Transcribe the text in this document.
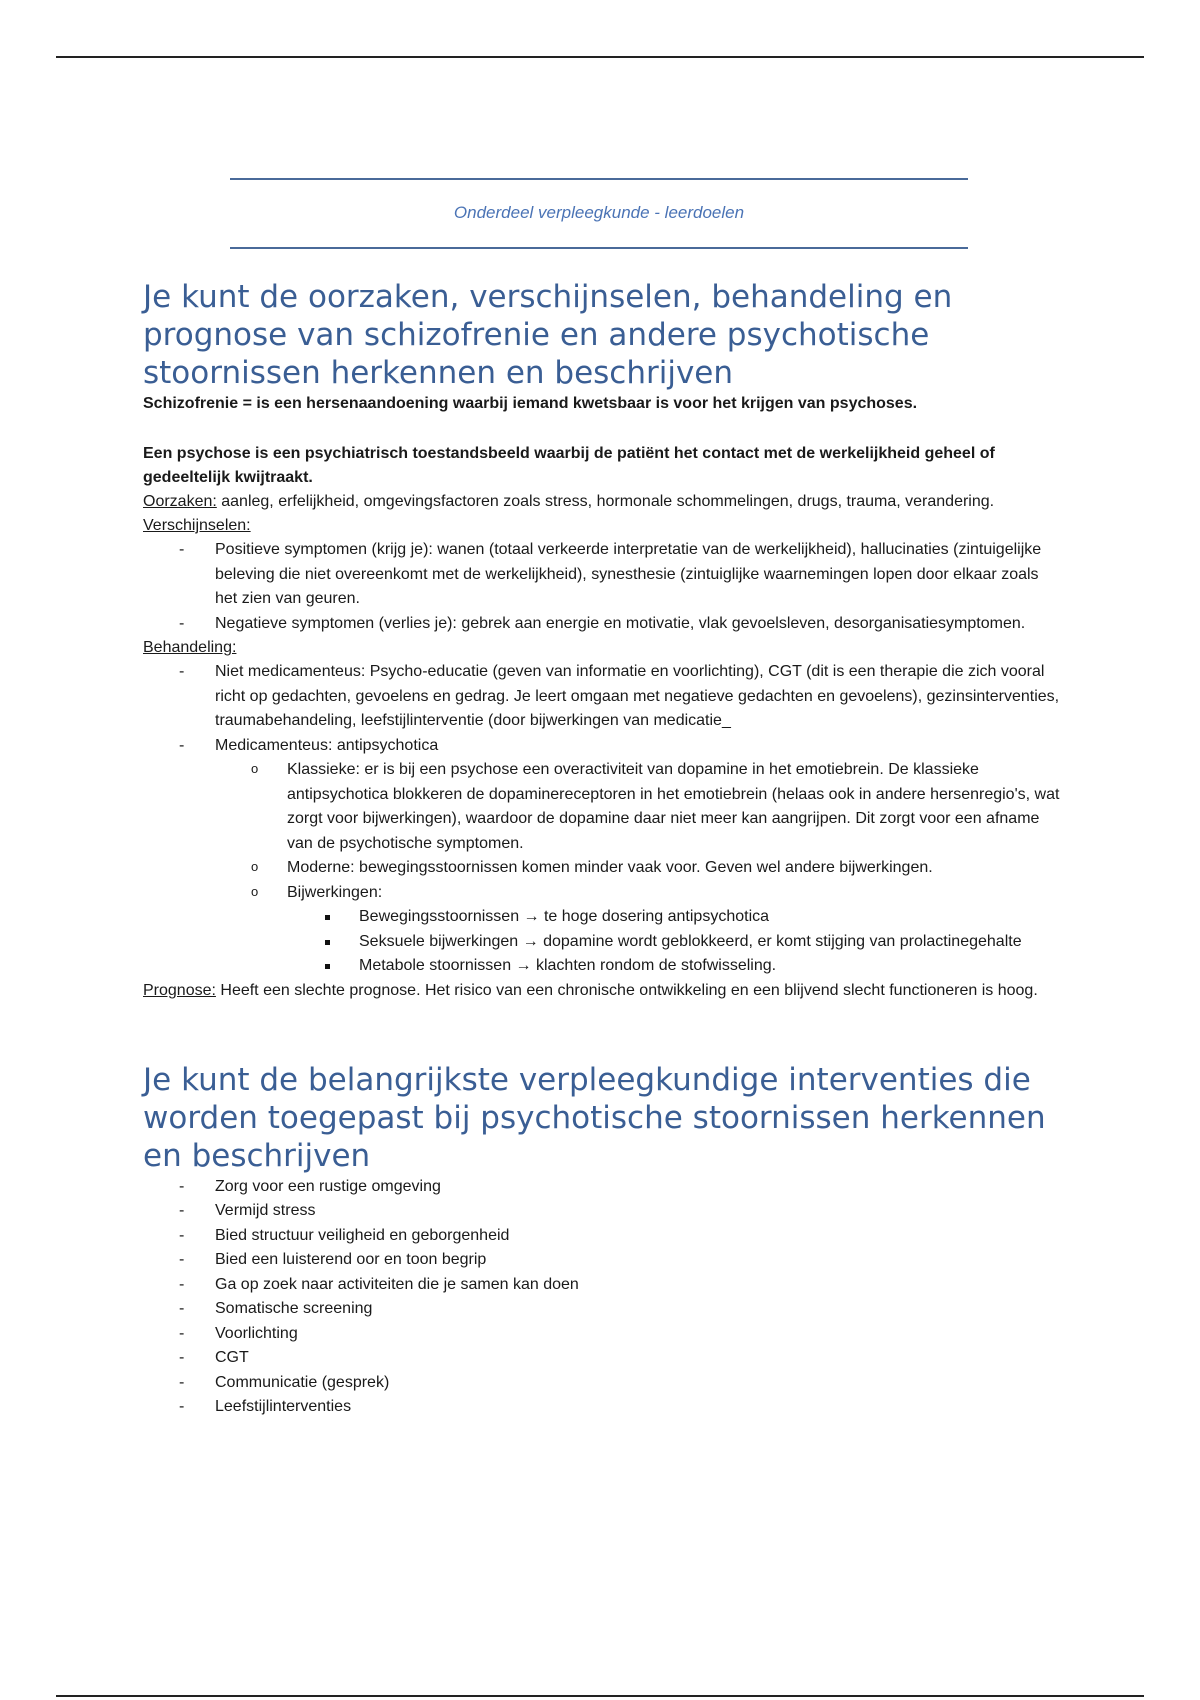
Onderdeel verpleegkunde - leerdoelen
Je kunt de oorzaken, verschijnselen, behandeling en prognose van schizofrenie en andere psychotische stoornissen herkennen en beschrijven

Schizofrenie = is een hersenaandoening waarbij iemand kwetsbaar is voor het krijgen van psychoses.

Een psychose is een psychiatrisch toestandsbeeld waarbij de patiënt het contact met de werkelijkheid geheel of gedeeltelijk kwijtraakt.

Oorzaken: aanleg, erfelijkheid, omgevingsfactoren zoals stress, hormonale schommelingen, drugs, trauma, verandering.

Verschijnselen:

- Positieve symptomen (krijg je): wanen (totaal verkeerde interpretatie van de werkelijkheid), hallucinaties (zintuigelijke beleving die niet overeenkomt met de werkelijkheid), synesthesie (zintuiglijke waarnemingen lopen door elkaar zoals het zien van geuren.
- Negatieve symptomen (verlies je): gebrek aan energie en motivatie, vlak gevoelsleven, desorganisatiesymptomen.

Behandeling:

- Niet medicamenteus: Psycho-educatie (geven van informatie en voorlichting), CGT (dit is een therapie die zich vooral richt op gedachten, gevoelens en gedrag. Je leert omgaan met negatieve gedachten en gevoelens), gezinsinterventies, traumabehandeling, leefstijlinterventie (door bijwerkingen van medicatie_
- Medicamenteus: antipsychotica
o Klassieke: er is bij een psychose een overactiviteit van dopamine in het emotiebrein. De klassieke antipsychotica blokkeren de dopaminereceptoren in het emotiebrein (helaas ook in andere hersenregio's, wat zorgt voor bijwerkingen), waardoor de dopamine daar niet meer kan aangrijpen. Dit zorgt voor een afname van de psychotische symptomen.
o Moderne: bewegingsstoornissen komen minder vaak voor. Geven wel andere bijwerkingen.
o Bijwerkingen:
Bewegingsstoornissen → te hoge dosering antipsychotica
Seksuele bijwerkingen → dopamine wordt geblokkeerd, er komt stijging van prolactinegehalte
Metabole stoornissen → klachten rondom de stofwisseling.

Prognose: Heeft een slechte prognose. Het risico van een chronische ontwikkeling en een blijvend slecht functioneren is hoog.

Je kunt de belangrijkste verpleegkundige interventies die worden toegepast bij psychotische stoornissen herkennen en beschrijven
- Zorg voor een rustige omgeving
- Vermijd stress
- Bied structuur veiligheid en geborgenheid
- Bied een luisterend oor en toon begrip
- Ga op zoek naar activiteiten die je samen kan doen
- Somatische screening
- Voorlichting
- CGT
- Communicatie (gesprek)
- Leefstijlinterventies
